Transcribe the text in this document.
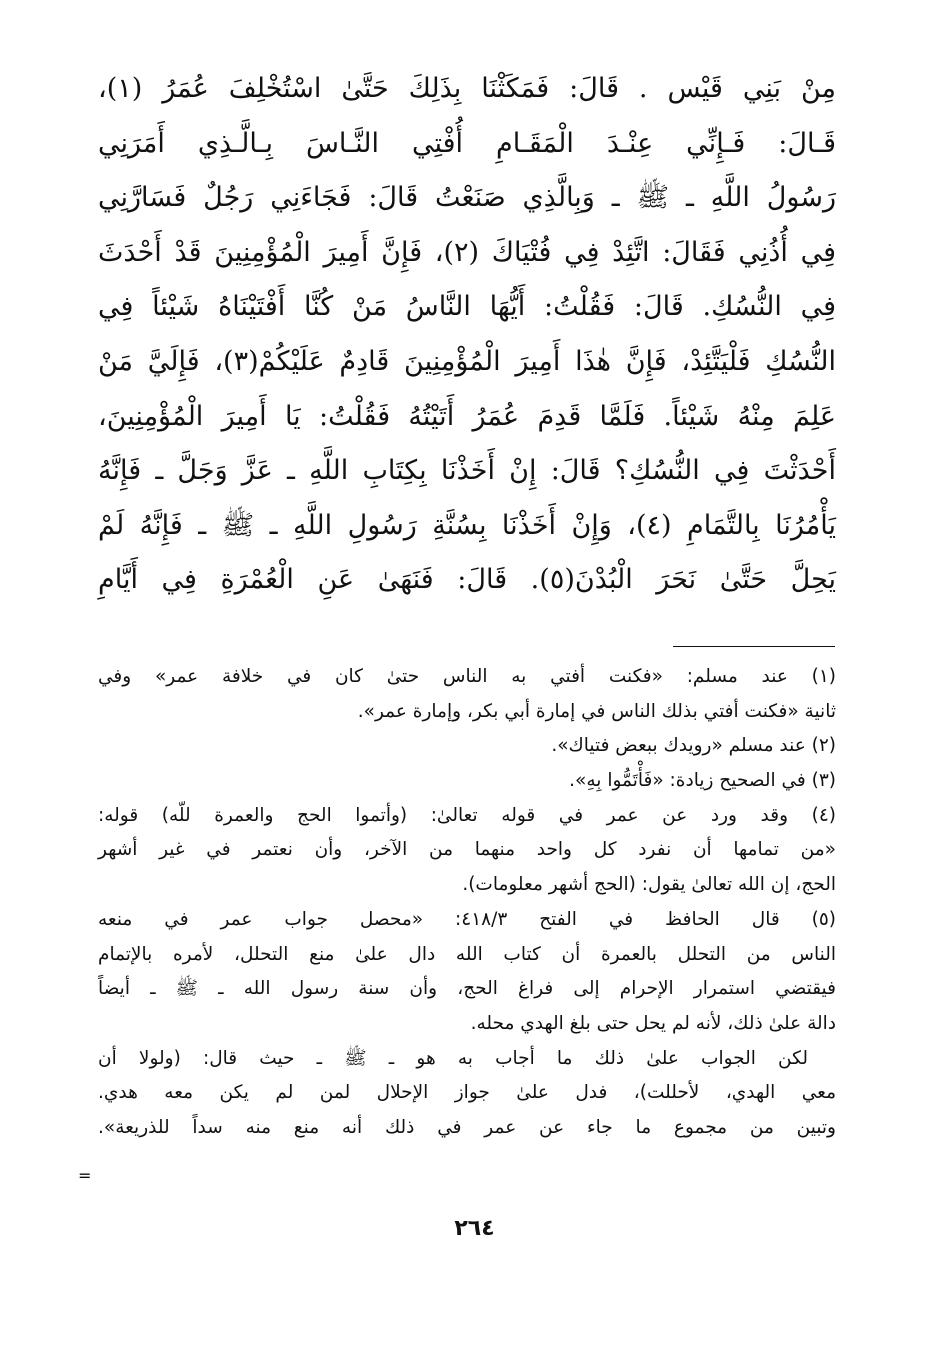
مِنْ بَنِي قَيْس . قَالَ: فَمَكَثْنَا بِذَلِكَ حَتَّىٰ اسْتُخْلِفَ عُمَرُ (١)،
قَـالَ: فَـإِنِّي عِنْـدَ الْمَقَـامِ أُفْتِي النَّـاسَ بِـالَّـذِي أَمَرَنِي
رَسُولُ اللَّهِ ـ ﷺ ـ وَبِالَّذِي صَنَعْتُ قَالَ: فَجَاءَنِي رَجُلٌ فَسَارَّنِي
فِي أُذُنِي فَقَالَ: اتَّئِدْ فِي فُتْيَاكَ (٢)، فَإِنَّ أَمِيرَ الْمُؤْمِنِينَ قَدْ أَحْدَثَ
فِي النُّسُكِ. قَالَ: فَقُلْتُ: أَيُّهَا النَّاسُ مَنْ كُنَّا أَفْتَيْنَاهُ شَيْئاً فِي
النُّسُكِ فَلْيَتَّئِدْ، فَإِنَّ هٰذَا أَمِيرَ الْمُؤْمِنِينَ قَادِمٌ عَلَيْكُمْ(٣)، فَإِلَيَّ مَنْ
عَلِمَ مِنْهُ شَيْئاً. فَلَمَّا قَدِمَ عُمَرُ أَتَيْتُهُ فَقُلْتُ: يَا أَمِيرَ الْمُؤْمِنِينَ،
أَحْدَثْتَ فِي النُّسُكِ؟ قَالَ: إِنْ أَخَذْنَا بِكِتَابِ اللَّهِ ـ عَزَّ وَجَلَّ ـ فَإِنَّهُ
يَأْمُرُنَا بِالتَّمَامِ (٤)، وَإِنْ أَخَذْنَا بِسُنَّةِ رَسُولِ اللَّهِ ـ ﷺ ـ فَإِنَّهُ لَمْ
يَحِلَّ حَتَّىٰ نَحَرَ الْبُدْنَ(٥). قَالَ: فَنَهَىٰ عَنِ الْعُمْرَةِ فِي أَيَّامِ
(١) عند مسلم: «فكنت أفتي به الناس حتىٰ كان في خلافة عمر» وفي
ثانية «فكنت أفتي بذلك الناس في إمارة أبي بكر، وإمارة عمر».
(٢) عند مسلم «رويدك ببعض فتياك».
(٣) في الصحيح زيادة: «فَأْتَمُّوا بِهِ».
(٤) وقد ورد عن عمر في قوله تعالىٰ: (وأتموا الحج والعمرة للّه) قوله:
«من تمامها أن نفرد كل واحد منهما من الآخر، وأن نعتمر في غير أشهر
الحج، إن الله تعالىٰ يقول: (الحج أشهر معلومات).
(٥) قال الحافظ في الفتح ٤١٨/٣: «محصل جواب عمر في منعه
الناس من التحلل بالعمرة أن كتاب الله دال علىٰ منع التحلل، لأمره بالإتمام
فيقتضي استمرار الإحرام إلى فراغ الحج، وأن سنة رسول الله ـ ﷺ ـ أيضاً
دالة علىٰ ذلك، لأنه لم يحل حتى بلغ الهدي محله.
لكن الجواب علىٰ ذلك ما أجاب به هو ـ ﷺ ـ حيث قال: (ولولا أن
معي الهدي، لأحللت)، فدل علىٰ جواز الإحلال لمن لم يكن معه هدي.
وتبين من مجموع ما جاء عن عمر في ذلك أنه منع منه سداً للذريعة».
=
٢٦٤
